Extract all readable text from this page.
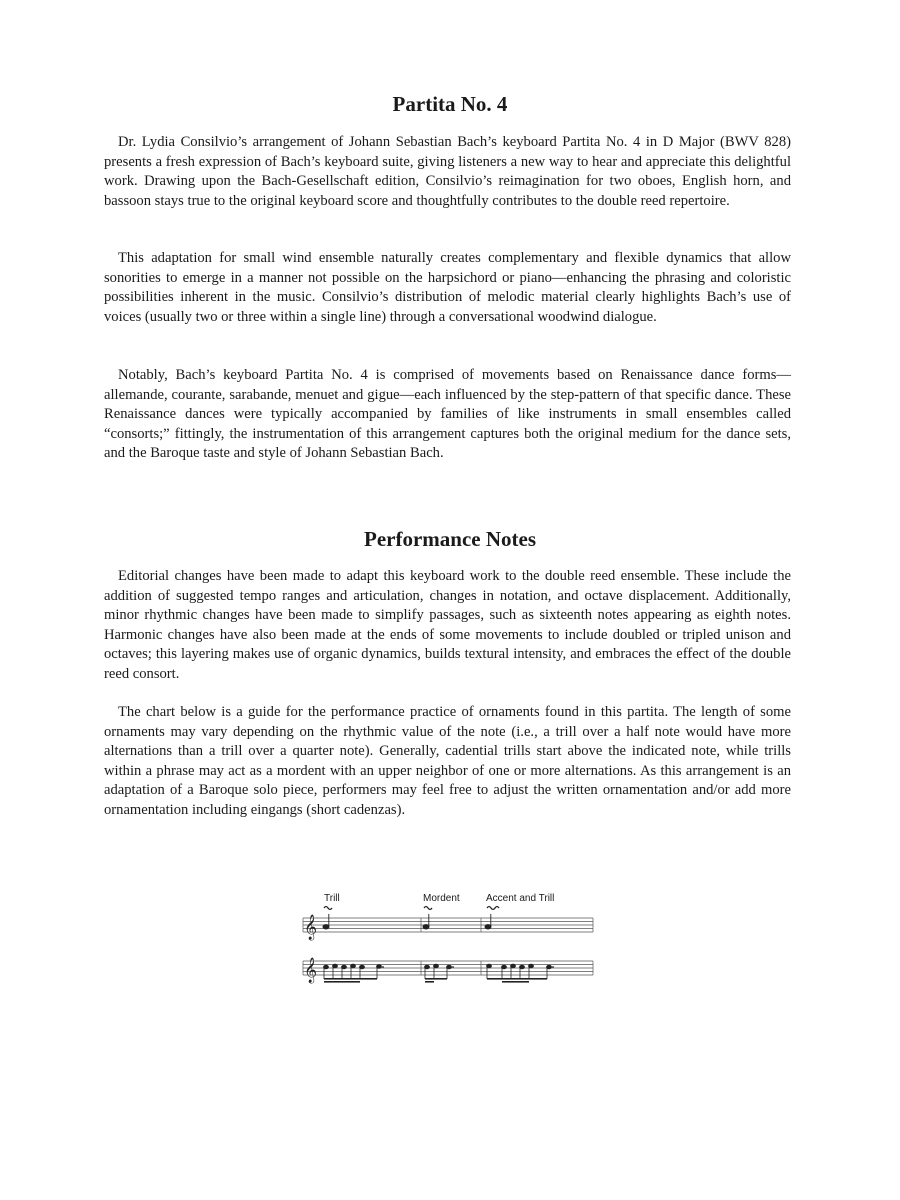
Partita No. 4

Dr. Lydia Consilvio’s arrangement of Johann Sebastian Bach’s keyboard Partita No. 4 in D Major (BWV 828) presents a fresh expression of Bach’s keyboard suite, giving listeners a new way to hear and appreciate this delightful work. Drawing upon the Bach-Gesellschaft edition, Consilvio’s reimagination for two oboes, English horn, and bassoon stays true to the original keyboard score and thoughtfully contributes to the double reed repertoire.

This adaptation for small wind ensemble naturally creates complementary and flexible dynamics that allow sonorities to emerge in a manner not possible on the harpsichord or piano—enhancing the phrasing and coloristic possibilities inherent in the music. Consilvio’s distribution of melodic material clearly highlights Bach’s use of voices (usually two or three within a single line) through a conversational woodwind dialogue.

Notably, Bach’s keyboard Partita No. 4 is comprised of movements based on Renaissance dance forms—allemande, courante, sarabande, menuet and gigue—each influenced by the step-pattern of that specific dance. These Renaissance dances were typically accompanied by families of like instruments in small ensembles called “consorts;” fittingly, the instrumentation of this arrangement captures both the original medium for the dance sets, and the Baroque taste and style of Johann Sebastian Bach.

Performance Notes

Editorial changes have been made to adapt this keyboard work to the double reed ensemble. These include the addition of suggested tempo ranges and articulation, changes in notation, and octave displacement. Additionally, minor rhythmic changes have been made to simplify passages, such as sixteenth notes appearing as eighth notes. Harmonic changes have also been made at the ends of some movements to include doubled or tripled unison and octaves; this layering makes use of organic dynamics, builds textural intensity, and embraces the effect of the double reed consort.

The chart below is a guide for the performance practice of ornaments found in this partita. The length of some ornaments may vary depending on the rhythmic value of the note (i.e., a trill over a half note would have more alternations than a trill over a quarter note). Generally, cadential trills start above the indicated note, while trills within a phrase may act as a mordent with an upper neighbor of one or more alternations. As this arrangement is an adaptation of a Baroque solo piece, performers may feel free to adjust the written ornamentation and/or add more ornamentation including eingangs (short cadenzas).

Trill	Mordent	Accent and Trill
𝄞
𝄞
